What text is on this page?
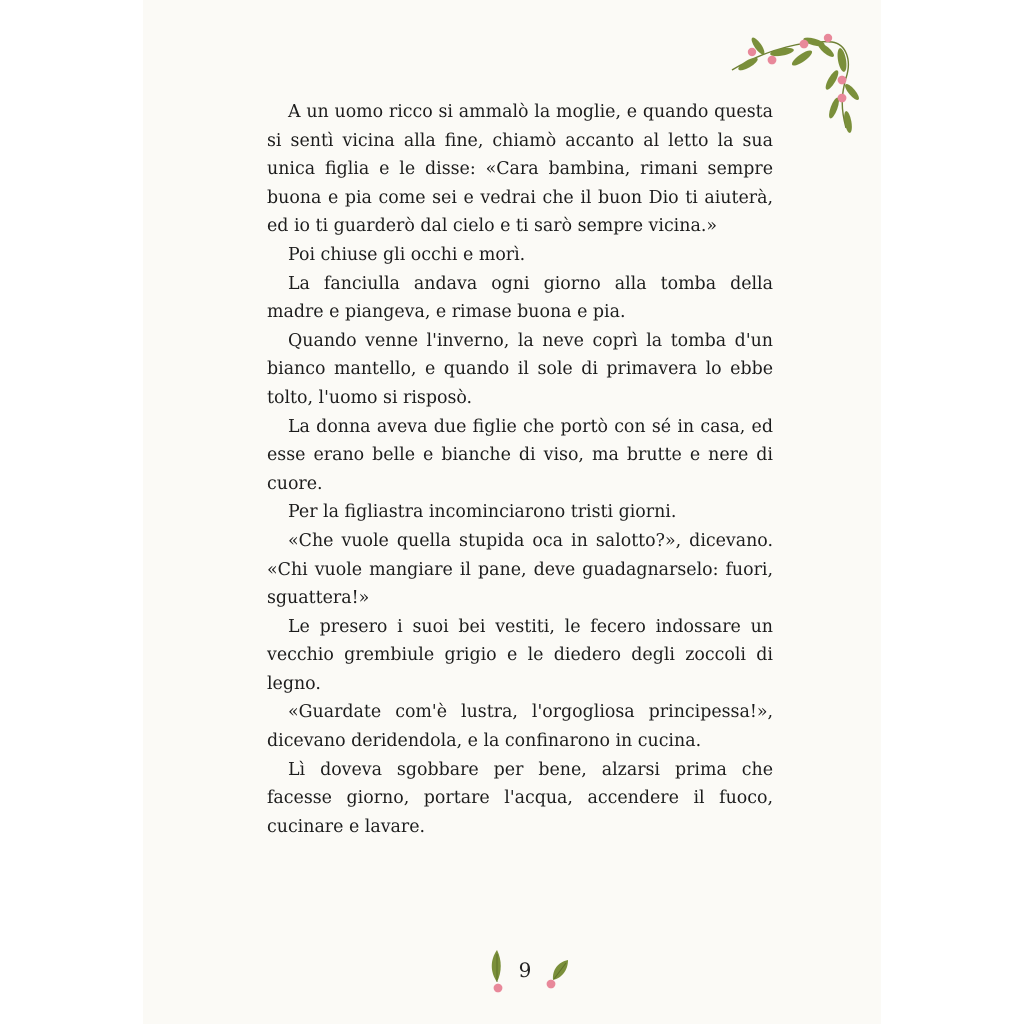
A un uomo ricco si ammalò la moglie, e quando questa si sentì vicina alla fine, chiamò accanto al letto la sua unica figlia e le disse: «Cara bambina, rimani sempre buona e pia come sei e vedrai che il buon Dio ti aiuterà, ed io ti guarderò dal cielo e ti sarò sempre vicina.»

Poi chiuse gli occhi e morì.

La fanciulla andava ogni giorno alla tomba della madre e piangeva, e rimase buona e pia.

Quando venne l'inverno, la neve coprì la tomba d'un bianco mantello, e quando il sole di primavera lo ebbe tolto, l'uomo si risposò.

La donna aveva due figlie che portò con sé in casa, ed esse erano belle e bianche di viso, ma brutte e nere di cuore.

Per la figliastra incominciarono tristi giorni.

«Che vuole quella stupida oca in salotto?», dicevano. «Chi vuole mangiare il pane, deve guadagnarselo: fuori, sguattera!»

Le presero i suoi bei vestiti, le fecero indossare un vecchio grembiule grigio e le diedero degli zoccoli di legno.

«Guardate com'è lustra, l'orgogliosa principessa!», dicevano deridendola, e la confinarono in cucina.

Lì doveva sgobbare per bene, alzarsi prima che facesse giorno, portare l'acqua, accendere il fuoco, cucinare e lavare.

9
